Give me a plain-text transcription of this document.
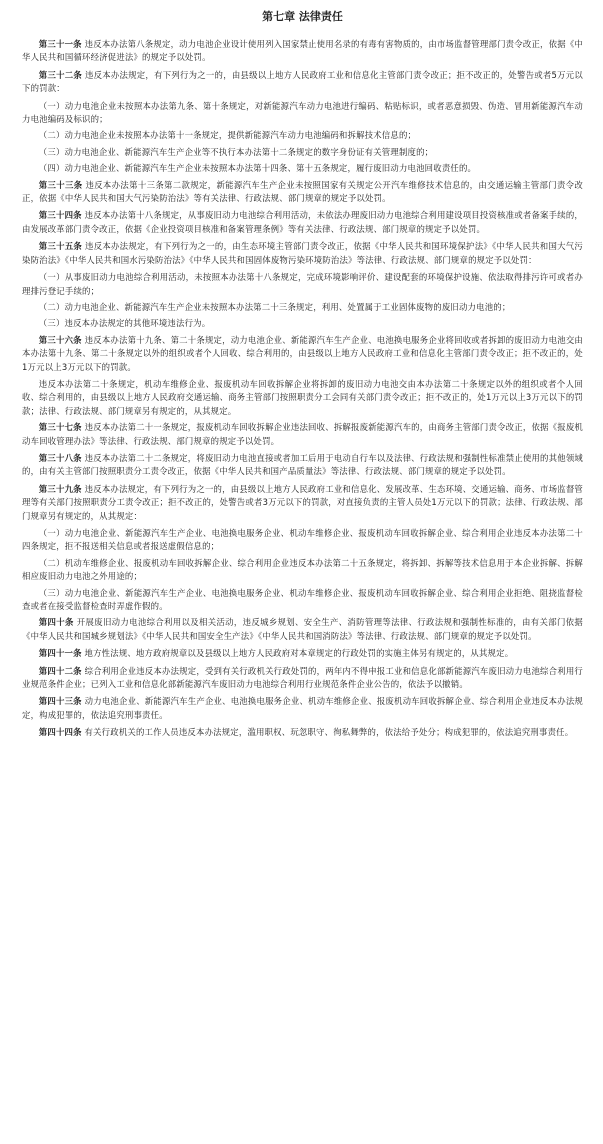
第七章 法律责任

第三十一条 违反本办法第八条规定，动力电池企业设计使用列入国家禁止使用名录的有毒有害物质的，由市场监督管理部门责令改正，依据《中华人民共和国循环经济促进法》的规定予以处罚。

第三十二条 违反本办法规定，有下列行为之一的，由县级以上地方人民政府工业和信息化主管部门责令改正；拒不改正的，处警告或者5万元以下的罚款：

（一）动力电池企业未按照本办法第九条、第十条规定，对新能源汽车动力电池进行编码、粘贴标识，或者恶意损毁、伪造、冒用新能源汽车动力电池编码及标识的；

（二）动力电池企业未按照本办法第十一条规定，提供新能源汽车动力电池编码和拆解技术信息的；

（三）动力电池企业、新能源汽车生产企业等不执行本办法第十二条规定的数字身份证有关管理制度的；

（四）动力电池企业、新能源汽车生产企业未按照本办法第十四条、第十五条规定，履行废旧动力电池回收责任的。

第三十三条 违反本办法第十三条第二款规定，新能源汽车生产企业未按照国家有关规定公开汽车维修技术信息的，由交通运输主管部门责令改正，依据《中华人民共和国大气污染防治法》等有关法律、行政法规、部门规章的规定予以处罚。

第三十四条 违反本办法第十八条规定，从事废旧动力电池综合利用活动，未依法办理废旧动力电池综合利用建设项目投资核准或者备案手续的，由发展改革部门责令改正，依据《企业投资项目核准和备案管理条例》等有关法律、行政法规、部门规章的规定予以处罚。

第三十五条 违反本办法规定，有下列行为之一的，由生态环境主管部门责令改正，依据《中华人民共和国环境保护法》《中华人民共和国大气污染防治法》《中华人民共和国水污染防治法》《中华人民共和国固体废物污染环境防治法》等法律、行政法规、部门规章的规定予以处罚：

（一）从事废旧动力电池综合利用活动，未按照本办法第十八条规定，完成环境影响评价、建设配套的环境保护设施、依法取得排污许可或者办理排污登记手续的；

（二）动力电池企业、新能源汽车生产企业未按照本办法第二十三条规定，利用、处置属于工业固体废物的废旧动力电池的；

（三）违反本办法规定的其他环境违法行为。

第三十六条 违反本办法第十九条、第二十条规定，动力电池企业、新能源汽车生产企业、电池换电服务企业将回收或者拆卸的废旧动力电池交由本办法第十九条、第二十条规定以外的组织或者个人回收、综合利用的，由县级以上地方人民政府工业和信息化主管部门责令改正；拒不改正的，处1万元以上3万元以下的罚款。

违反本办法第二十条规定，机动车维修企业、报废机动车回收拆解企业将拆卸的废旧动力电池交由本办法第二十条规定以外的组织或者个人回收、综合利用的，由县级以上地方人民政府交通运输、商务主管部门按照职责分工会同有关部门责令改正；拒不改正的，处1万元以上3万元以下的罚款；法律、行政法规、部门规章另有规定的，从其规定。

第三十七条 违反本办法第二十一条规定，报废机动车回收拆解企业违法回收、拆解报废新能源汽车的，由商务主管部门责令改正，依据《报废机动车回收管理办法》等法律、行政法规、部门规章的规定予以处罚。

第三十八条 违反本办法第二十二条规定，将废旧动力电池直接或者加工后用于电动自行车以及法律、行政法规和强制性标准禁止使用的其他领域的，由有关主管部门按照职责分工责令改正，依据《中华人民共和国产品质量法》等法律、行政法规、部门规章的规定予以处罚。

第三十九条 违反本办法规定，有下列行为之一的，由县级以上地方人民政府工业和信息化、发展改革、生态环境、交通运输、商务、市场监督管理等有关部门按照职责分工责令改正；拒不改正的，处警告或者3万元以下的罚款，对直接负责的主管人员处1万元以下的罚款；法律、行政法规、部门规章另有规定的，从其规定：

（一）动力电池企业、新能源汽车生产企业、电池换电服务企业、机动车维修企业、报废机动车回收拆解企业、综合利用企业违反本办法第二十四条规定，拒不报送相关信息或者报送虚假信息的；

（二）机动车维修企业、报废机动车回收拆解企业、综合利用企业违反本办法第二十五条规定，将拆卸、拆解等技术信息用于本企业拆解、拆解相应废旧动力电池之外用途的；

（三）动力电池企业、新能源汽车生产企业、电池换电服务企业、机动车维修企业、报废机动车回收拆解企业、综合利用企业拒绝、阻挠监督检查或者在接受监督检查时弄虚作假的。

第四十条 开展废旧动力电池综合利用以及相关活动，违反城乡规划、安全生产、消防管理等法律、行政法规和强制性标准的，由有关部门依据《中华人民共和国城乡规划法》《中华人民共和国安全生产法》《中华人民共和国消防法》等法律、行政法规、部门规章的规定予以处罚。

第四十一条 地方性法规、地方政府规章以及县级以上地方人民政府对本章规定的行政处罚的实施主体另有规定的，从其规定。

第四十二条 综合利用企业违反本办法规定，受到有关行政机关行政处罚的，两年内不得申报工业和信息化部新能源汽车废旧动力电池综合利用行业规范条件企业；已列入工业和信息化部新能源汽车废旧动力电池综合利用行业规范条件企业公告的，依法予以撤销。

第四十三条 动力电池企业、新能源汽车生产企业、电池换电服务企业、机动车维修企业、报废机动车回收拆解企业、综合利用企业违反本办法规定，构成犯罪的，依法追究刑事责任。

第四十四条 有关行政机关的工作人员违反本办法规定，滥用职权、玩忽职守、徇私舞弊的，依法给予处分；构成犯罪的，依法追究刑事责任。
